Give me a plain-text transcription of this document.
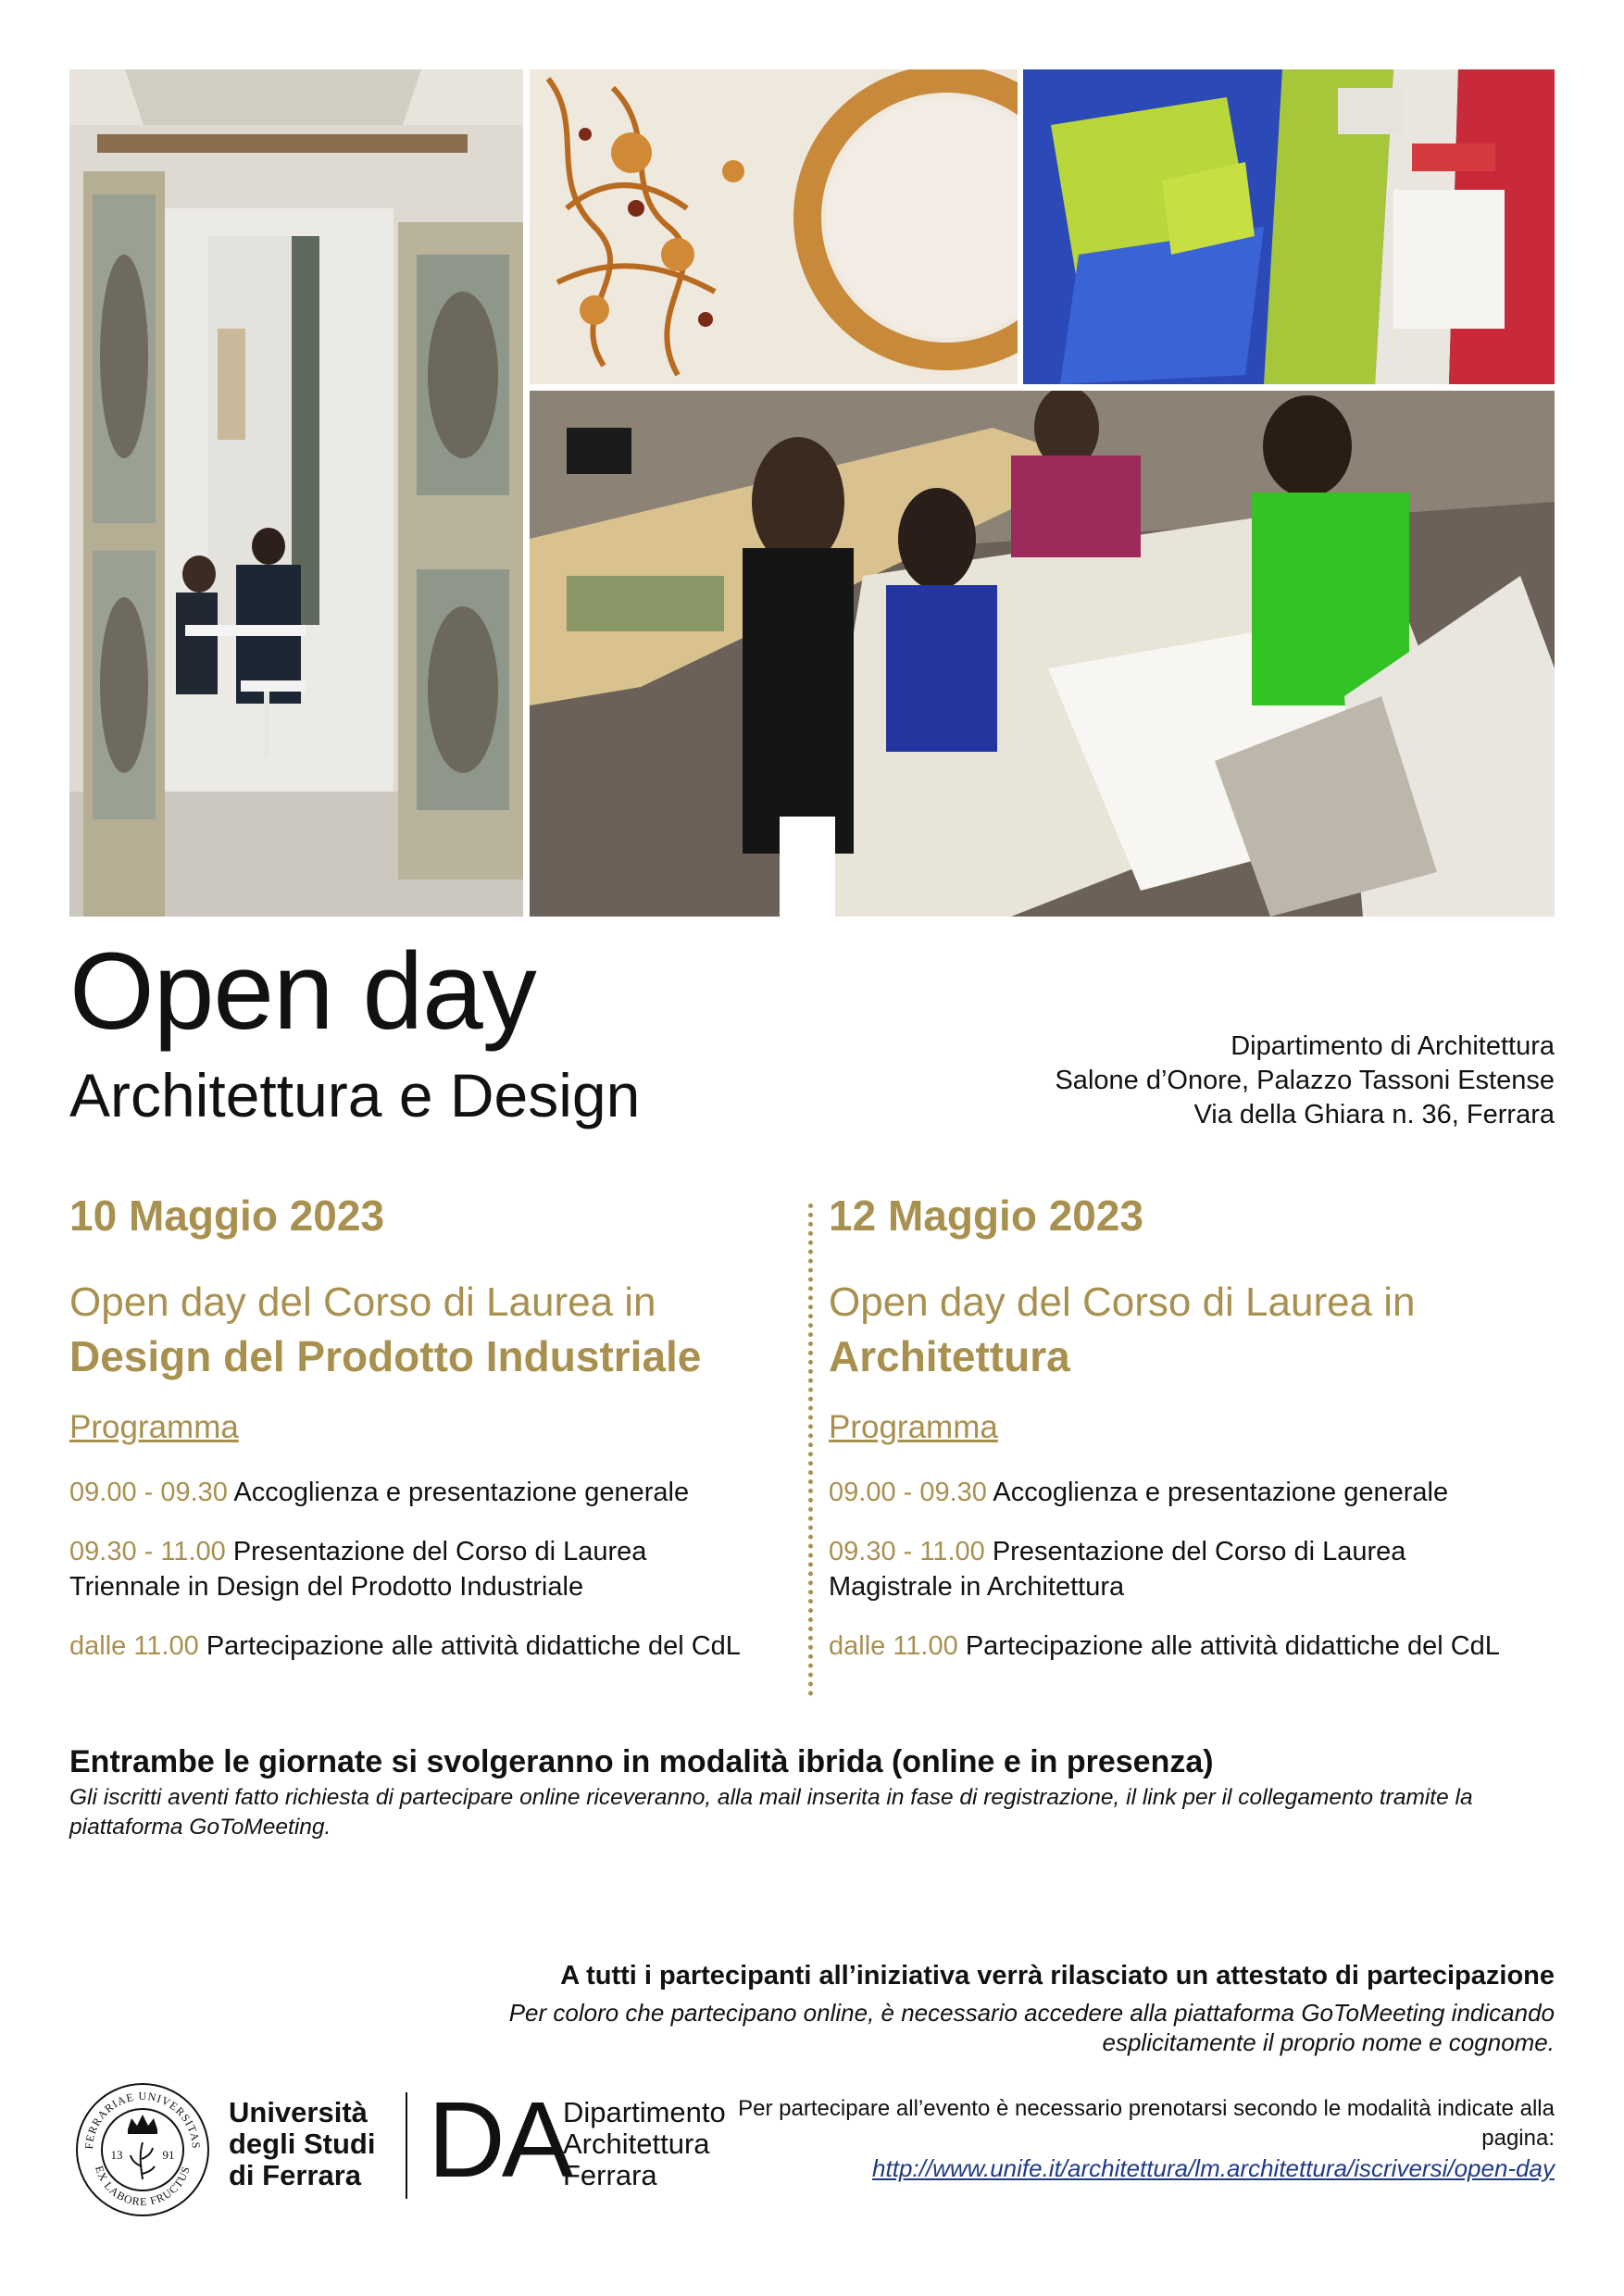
Open day
Architettura e Design
Dipartimento di Architettura
Salone d’Onore, Palazzo Tassoni Estense
Via della Ghiara n. 36, Ferrara
10 Maggio 2023
Open day del Corso di Laurea in
Design del Prodotto Industriale
Programma
09.00 - 09.30 Accoglienza e presentazione generale
09.30 - 11.00 Presentazione del Corso di Laurea
Triennale in Design del Prodotto Industriale
dalle 11.00 Partecipazione alle attività didattiche del CdL
12 Maggio 2023
Open day del Corso di Laurea in
Architettura
Programma
09.00 - 09.30 Accoglienza e presentazione generale
09.30 - 11.00 Presentazione del Corso di Laurea
Magistrale in Architettura
dalle 11.00 Partecipazione alle attività didattiche del CdL
Entrambe le giornate si svolgeranno in modalità ibrida (online e in presenza)
Gli iscritti aventi fatto richiesta di partecipare online riceveranno, alla mail inserita in fase di registrazione, il link per il collegamento tramite la piattaforma GoToMeeting.
A tutti i partecipanti all’iniziativa verrà rilasciato un attestato di partecipazione
Per coloro che partecipano online, è necessario accedere alla piattaforma GoToMeeting indicando esplicitamente il proprio nome e cognome.
FERRARIAE UNIVERSITAS
EX LABORE FRUCTUS
13	91
Università
degli Studi
di Ferrara DA
Dipartimento
Architettura
Ferrara
Per partecipare all’evento è necessario prenotarsi secondo le modalità indicate alla pagina:
http://www.unife.it/architettura/lm.architettura/iscriversi/open-day
